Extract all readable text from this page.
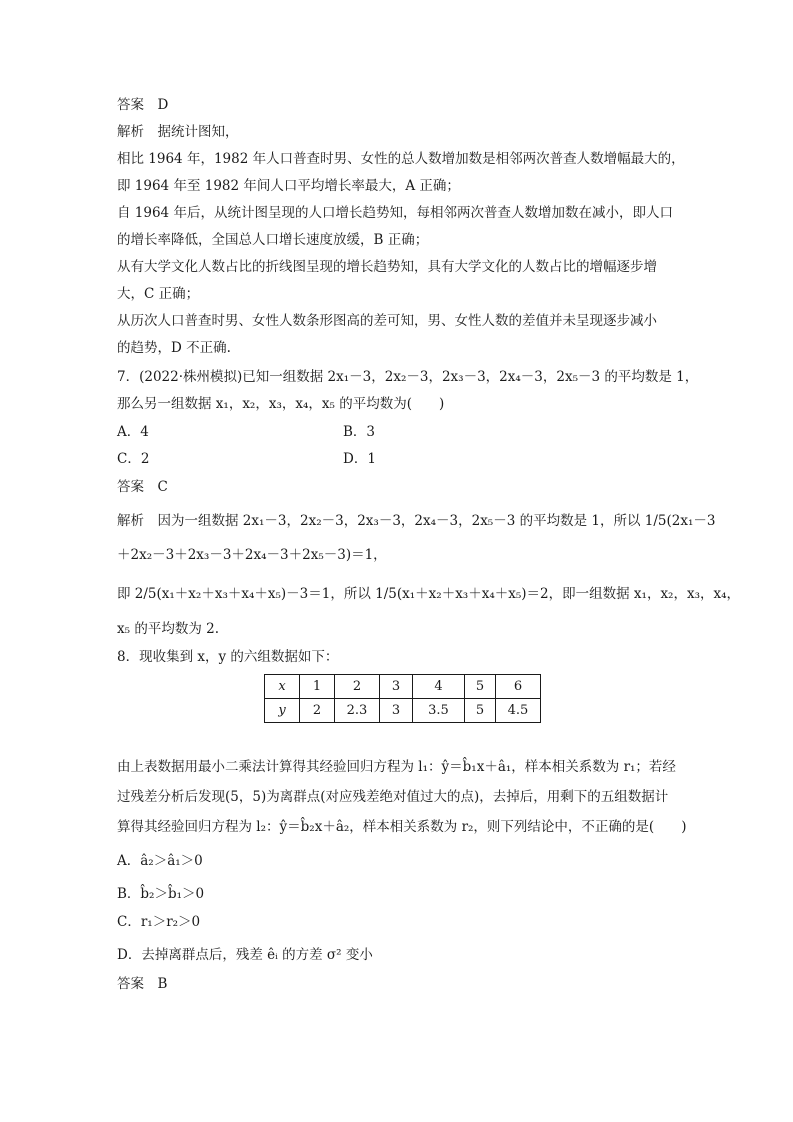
答案　D
解析　据统计图知，
相比 1964 年，1982 年人口普查时男、女性的总人数增加数是相邻两次普查人数增幅最大的，
即 1964 年至 1982 年间人口平均增长率最大，A 正确；
自 1964 年后，从统计图呈现的人口增长趋势知，每相邻两次普查人数增加数在减小，即人口
的增长率降低，全国总人口增长速度放缓，B 正确；
从有大学文化人数占比的折线图呈现的增长趋势知，具有大学文化的人数占比的增幅逐步增
大，C 正确；
从历次人口普查时男、女性人数条形图高的差可知，男、女性人数的差值并未呈现逐步减小
的趋势，D 不正确.
7．(2022·株州模拟)已知一组数据 2x₁－3，2x₂－3，2x₃－3，2x₄－3，2x₅－3 的平均数是 1，
那么另一组数据 x₁，x₂，x₃，x₄，x₅ 的平均数为(　　)
A．4	B．3
C．2	D．1
答案　C
解析　因为一组数据 2x₁－3，2x₂－3，2x₃－3，2x₄－3，2x₅－3 的平均数是 1，所以 1/5(2x₁－3
＋2x₂－3＋2x₃－3＋2x₄－3＋2x₅－3)＝1，
即 2/5(x₁＋x₂＋x₃＋x₄＋x₅)－3＝1，所以 1/5(x₁＋x₂＋x₃＋x₄＋x₅)＝2，即一组数据 x₁，x₂，x₃，x₄，
x₅ 的平均数为 2.
8．现收集到 x，y 的六组数据如下：
x	1	2	3	4	5	6
y	2	2.3	3	3.5	5	4.5
由上表数据用最小二乘法计算得其经验回归方程为 l₁：ŷ＝b̂₁x＋â₁，样本相关系数为 r₁；若经
过残差分析后发现(5，5)为离群点(对应残差绝对值过大的点)，去掉后，用剩下的五组数据计
算得其经验回归方程为 l₂：ŷ＝b̂₂x＋â₂，样本相关系数为 r₂，则下列结论中，不正确的是(　　)
A．â₂＞â₁＞0
B．b̂₂＞b̂₁＞0
C．r₁＞r₂＞0
D．去掉离群点后，残差 êᵢ 的方差 σ² 变小
答案　B
